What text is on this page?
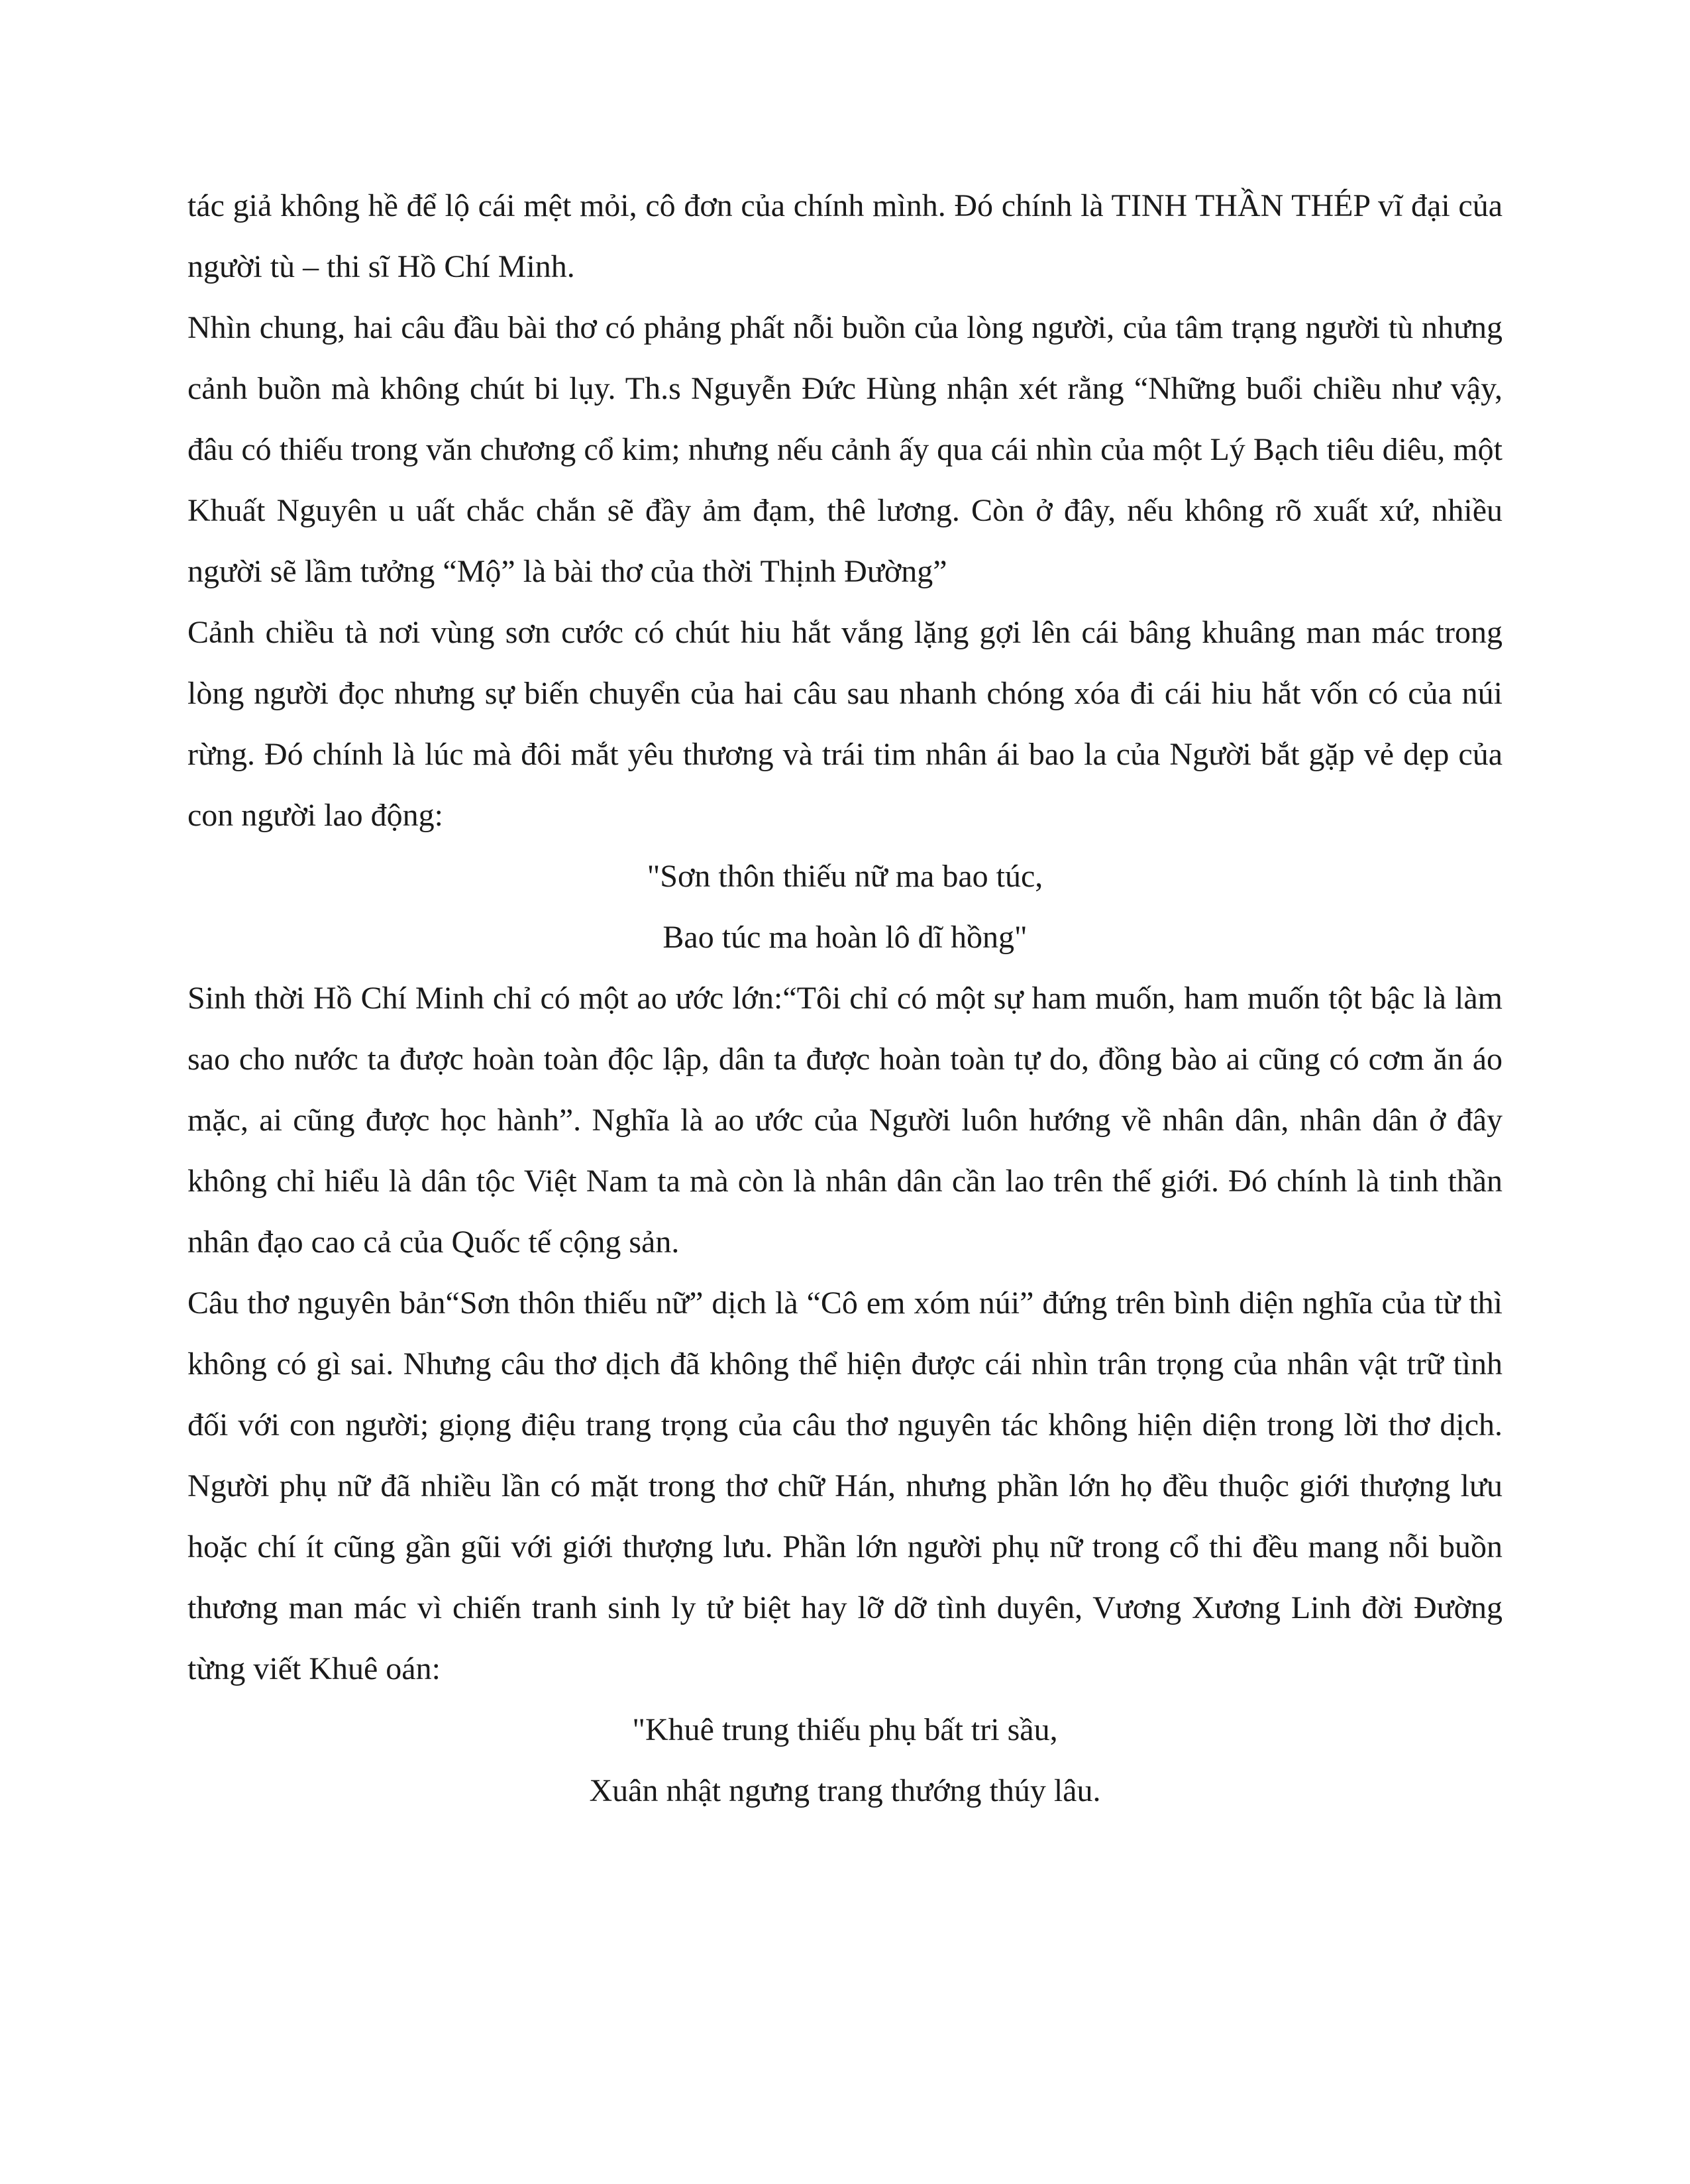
tác giả không hề để lộ cái mệt mỏi, cô đơn của chính mình. Đó chính là TINH THẦN THÉP vĩ đại của người tù – thi sĩ Hồ Chí Minh.

Nhìn chung, hai câu đầu bài thơ có phảng phất nỗi buồn của lòng người, của tâm trạng người tù nhưng cảnh buồn mà không chút bi lụy. Th.s Nguyễn Đức Hùng nhận xét rằng “Những buổi chiều như vậy, đâu có thiếu trong văn chương cổ kim; nhưng nếu cảnh ấy qua cái nhìn của một Lý Bạch tiêu diêu, một Khuất Nguyên u uất chắc chắn sẽ đầy ảm đạm, thê lương. Còn ở đây, nếu không rõ xuất xứ, nhiều người sẽ lầm tưởng “Mộ” là bài thơ của thời Thịnh Đường”

Cảnh chiều tà nơi vùng sơn cước có chút hiu hắt vắng lặng gợi lên cái bâng khuâng man mác trong lòng người đọc nhưng sự biến chuyển của hai câu sau nhanh chóng xóa đi cái hiu hắt vốn có của núi rừng. Đó chính là lúc mà đôi mắt yêu thương và trái tim nhân ái bao la của Người bắt gặp vẻ dẹp của con người lao động:

"Sơn thôn thiếu nữ ma bao túc,
Bao túc ma hoàn lô dĩ hồng"

Sinh thời Hồ Chí Minh chỉ có một ao ước lớn:“Tôi chỉ có một sự ham muốn, ham muốn tột bậc là làm sao cho nước ta được hoàn toàn độc lập, dân ta được hoàn toàn tự do, đồng bào ai cũng có cơm ăn áo mặc, ai cũng được học hành”. Nghĩa là ao ước của Người luôn hướng về nhân dân, nhân dân ở đây không chỉ hiểu là dân tộc Việt Nam ta mà còn là nhân dân cần lao trên thế giới. Đó chính là tinh thần nhân đạo cao cả của Quốc tế cộng sản.

Câu thơ nguyên bản“Sơn thôn thiếu nữ” dịch là “Cô em xóm núi” đứng trên bình diện nghĩa của từ thì không có gì sai. Nhưng câu thơ dịch đã không thể hiện được cái nhìn trân trọng của nhân vật trữ tình đối với con người; giọng điệu trang trọng của câu thơ nguyên tác không hiện diện trong lời thơ dịch. Người phụ nữ đã nhiều lần có mặt trong thơ chữ Hán, nhưng phần lớn họ đều thuộc giới thượng lưu hoặc chí ít cũng gần gũi với giới thượng lưu. Phần lớn người phụ nữ trong cổ thi đều mang nỗi buồn thương man mác vì chiến tranh sinh ly tử biệt hay lỡ dỡ tình duyên, Vương Xương Linh đời Đường từng viết Khuê oán:

"Khuê trung thiếu phụ bất tri sầu,
Xuân nhật ngưng trang thướng thúy lâu.
